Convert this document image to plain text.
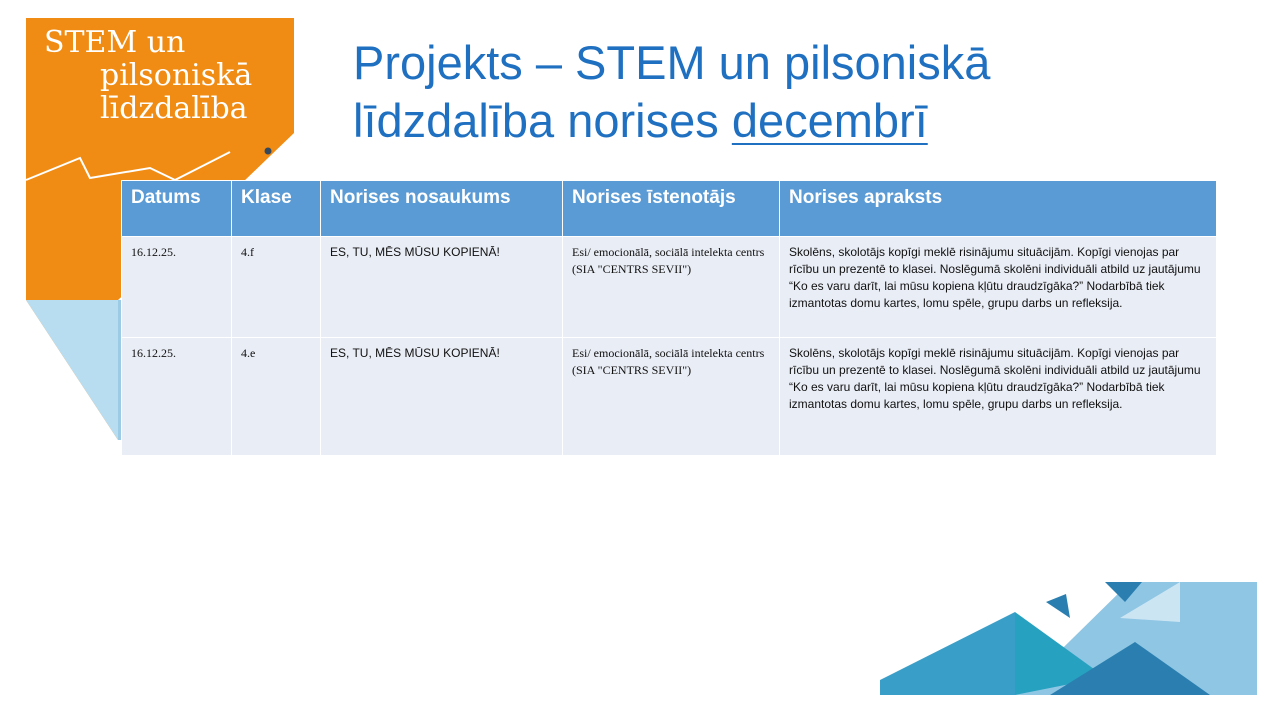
STEM un
pilsoniskā
līdzdalība
Projekts – STEM un pilsoniskā
līdzdalība norises decembrī
Datums	Klase	Norises nosaukums	Norises īstenotājs	Norises apraksts
16.12.25.	4.f	ES, TU, MĒS MŪSU KOPIENĀ!	Esi/ emocionālā, sociālā intelekta centrs (SIA "CENTRS SEVII")	Skolēns, skolotājs kopīgi meklē risinājumu situācijām. Kopīgi vienojas par rīcību un prezentē to klasei. Noslēgumā skolēni individuāli atbild uz jautājumu “Ko es varu darīt, lai mūsu kopiena kļūtu draudzīgāka?” Nodarbībā tiek izmantotas domu kartes, lomu spēle, grupu darbs un refleksija.
16.12.25.	4.e	ES, TU, MĒS MŪSU KOPIENĀ!	Esi/ emocionālā, sociālā intelekta centrs (SIA "CENTRS SEVII")	Skolēns, skolotājs kopīgi meklē risinājumu situācijām. Kopīgi vienojas par rīcību un prezentē to klasei. Noslēgumā skolēni individuāli atbild uz jautājumu “Ko es varu darīt, lai mūsu kopiena kļūtu draudzīgāka?” Nodarbībā tiek izmantotas domu kartes, lomu spēle, grupu darbs un refleksija.
